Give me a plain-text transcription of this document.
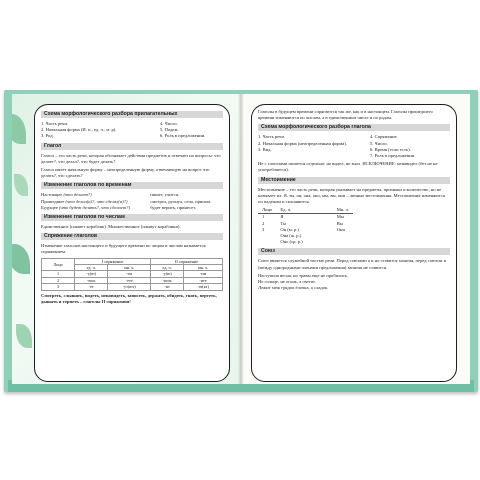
Схема морфологического разбора прилагательных
1. Часть речи.
2. Начальная форма (И. п., ед. ч., м. р).
3. Род.
4. Число.
5. Падеж.
6. Роль в предложении.
Глагол
Глагол – это часть речи, которая обозначает действия предметов и отвечает на вопросы: что делает?, что делал?, что будет делать?
Глагол имеет начальную форму – неопределенную форму, отвечающую на вопрос что делать?, что сделать?
Изменение глаголов по временам
Настоящее (что делает?)	пишет, учится.
Прошедшее (что делал(а)?, что сделал(а)?)	смотрел, рухнул, села, пришла.
Будущее (что будет делать?, что сделает?)	будет верить, принесет.
Изменение глаголов по числам
Единственное (плывет кораблик). Множественное (плывут кораблики).
Спряжение глаголов
Изменение глаголов настоящего и будущего времени по лицам и числам называется спряжением.
Лицо	I спряжение		II спряжение	
	ед. ч.	мн. ч.	ед. ч.	мн. ч.
1	-у(ю)	-ем	-у(ю)	-им
2	-ешь	-ете	-ишь	-ите
3	-ет	-ут(ют)	-ит	-ат(ят)
Смотреть, слышать, видеть, ненавидеть, зависеть, держать, обидеть, гнать, вертеть, дышать и терпеть – глаголы II спряжения!
Глаголы в будущем времени спрягаются так же, как и в настоящем. Глаголы прошедшего времени изменяются по числам, а в единственном числе и по родам.
Схема морфологического разбора глагола
1. Часть речи.
2. Начальная форма (неопределенная форма).
3. Вид.
4. Спряжение.
5. Число.
6. Время (если есть).
7. Роль в предложении.
Не с глаголами пишется отдельно: не видел, не знал. ИСКЛЮЧЕНИЕ: ненавидел (без не не употребляется).
Местоимение
Местоимение – это часть речи, которая указывает на предметы, признаки и количество, но не называет их. Я, ты, он, она, оно, мы, вы, они – личные местоимения. Местоимения изменяются по падежам и склоняются.
Лицо	Ед. ч.	Мн. ч.
1	Я	Мы
2	Ты	Вы
3	Он (м. р.)	Они
	Она (ж. р.)	
	Оно (ср. р.)	
Союз
Союз является служебной частью речи. Перед союзами а и но ставится запятая, перед союзом и (между однородными членами предложения) запятая не ставится.
Наступила весна, но травы еще не пробились.
Не солнце, не огонь, а светит.
Лежит меж грядок ёлочка, а сладок.
